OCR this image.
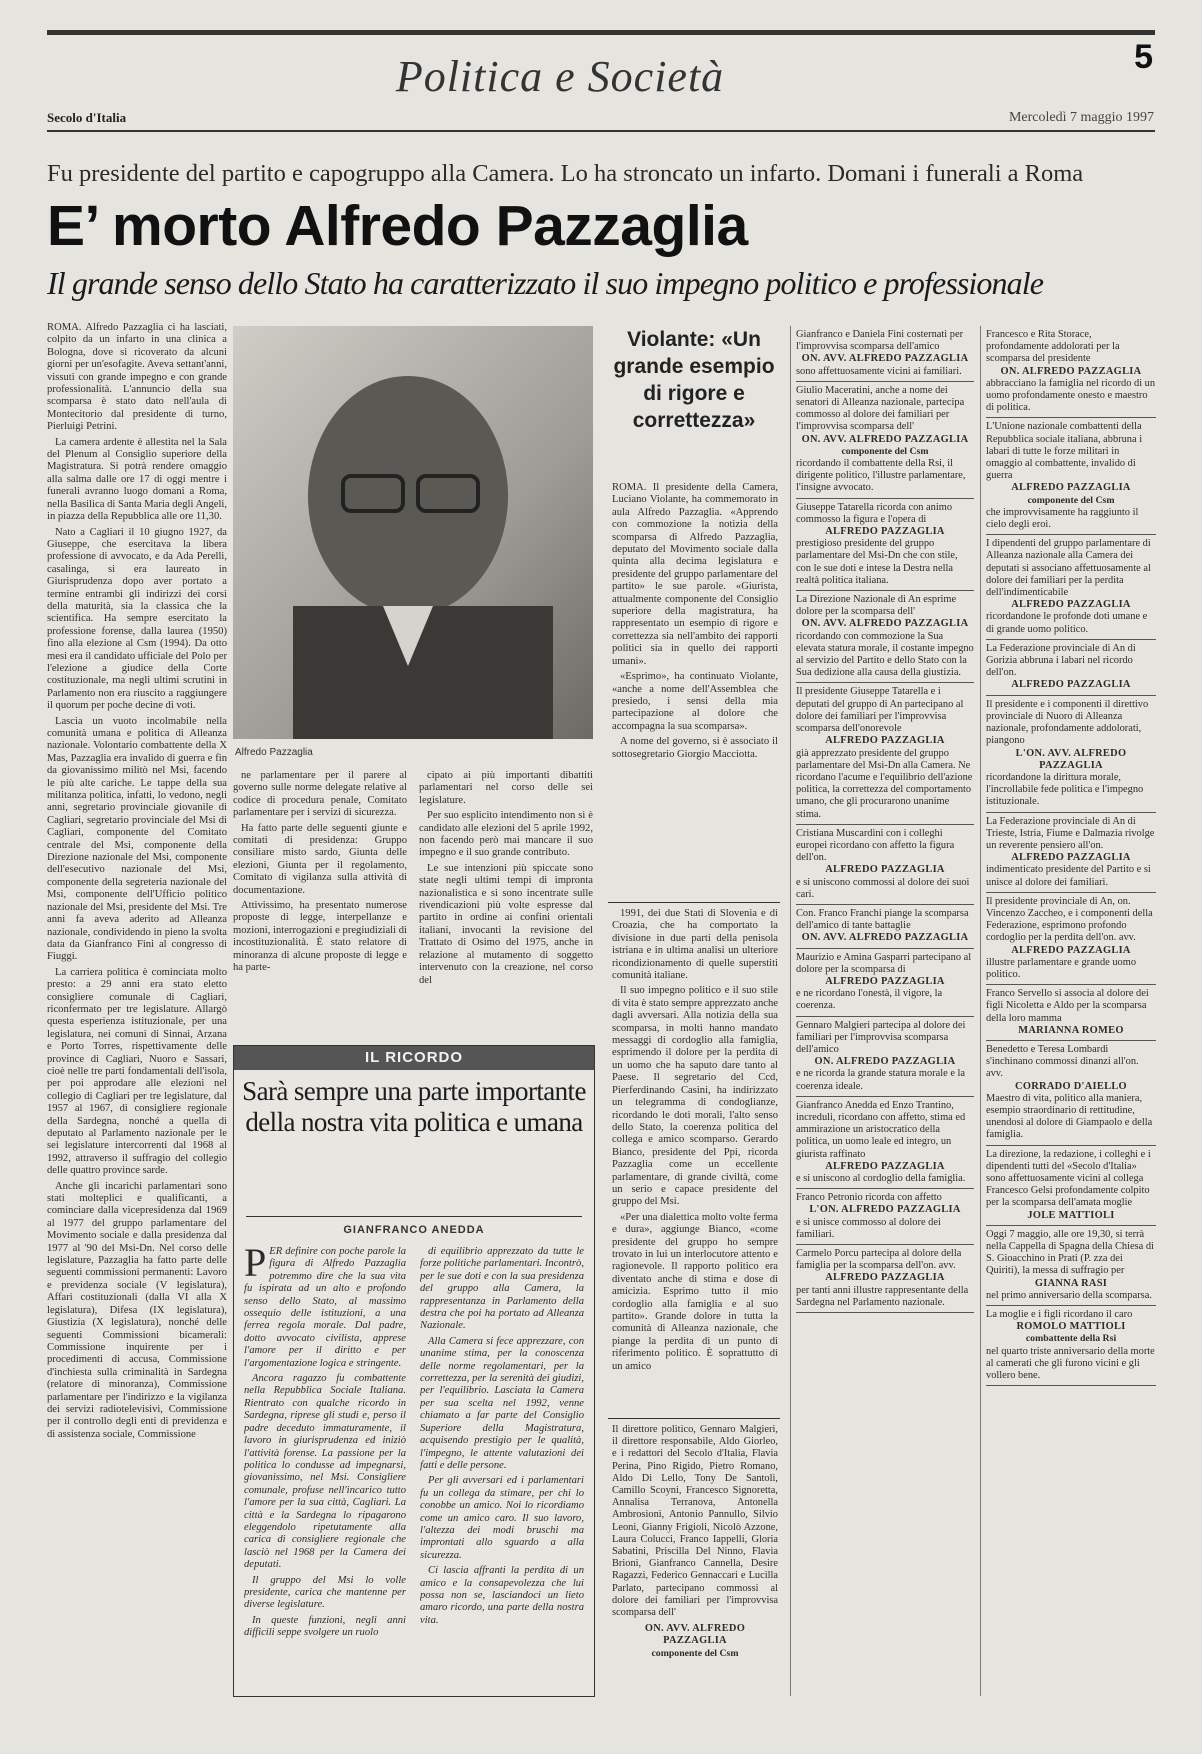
Politica e Società	5
Secolo d'Italia	Mercoledì 7 maggio 1997
Fu presidente del partito e capogruppo alla Camera. Lo ha stroncato un infarto. Domani i funerali a Roma
E’ morto Alfredo Pazzaglia
Il grande senso dello Stato ha caratterizzato il suo impegno politico e professionale

ROMA. Alfredo Pazzaglia ci ha lasciati, colpito da un infarto in una clinica a Bologna, dove si ricoverato da alcuni giorni per un'esofagite. Aveva settant'anni, vissuti con grande impegno e con grande professionalità. L'annuncio della sua scomparsa è stato dato nell'aula di Montecitorio dal presidente di turno, Pierluigi Petrini.

La camera ardente è allestita nel la Sala del Plenum al Consiglio superiore della Magistratura. Si potrà rendere omaggio alla salma dalle ore 17 di oggi mentre i funerali avranno luogo domani a Roma, nella Basilica di Santa Maria degli Angeli, in piazza della Repubblica alle ore 11,30.

Nato a Cagliari il 10 giugno 1927, da Giuseppe, che esercitava la libera professione di avvocato, e da Ada Perelli, casalinga, si era laureato in Giurisprudenza dopo aver portato a termine entrambi gli indirizzi dei corsi della maturità, sia la classica che la scientifica. Ha sempre esercitato la professione forense, dalla laurea (1950) fino alla elezione al Csm (1994). Da otto mesi era il candidato ufficiale del Polo per l'elezione a giudice della Corte costituzionale, ma negli ultimi scrutini in Parlamento non era riuscito a raggiungere il quorum per poche decine di voti.

Lascia un vuoto incolmabile nella comunità umana e politica di Alleanza nazionale. Volontario combattente della X Mas, Pazzaglia era invalido di guerra e fin da giovanissimo militò nel Msi, facendo le più alte cariche. Le tappe della sua militanza politica, infatti, lo vedono, negli anni, segretario provinciale giovanile di Cagliari, segretario provinciale del Msi di Cagliari, componente del Comitato centrale del Msi, componente della Direzione nazionale del Msi, componente dell'esecutivo nazionale del Msi, componente della segreteria nazionale del Msi, componente dell'Ufficio politico nazionale del Msi, presidente del Msi. Tre anni fa aveva aderito ad Alleanza nazionale, condividendo in pieno la svolta data da Gianfranco Fini al congresso di Fiuggi.

La carriera politica è cominciata molto presto: a 29 anni era stato eletto consigliere comunale di Cagliari, riconfermato per tre legislature. Allargò questa esperienza istituzionale, per una legislatura, nei comuni di Sinnai, Arzana e Porto Torres, rispettivamente delle province di Cagliari, Nuoro e Sassari, cioè nelle tre parti fondamentali dell'isola, per poi approdare alle elezioni nel collegio di Cagliari per tre legislature, dal 1957 al 1967, di consigliere regionale della Sardegna, nonché a quella di deputato al Parlamento nazionale per le sei legislature intercorrenti dal 1968 al 1992, attraverso il suffragio del collegio delle quattro province sarde.

Anche gli incarichi parlamentari sono stati molteplici e qualificanti, a cominciare dalla vicepresidenza dal 1969 al 1977 del gruppo parlamentare del Movimento sociale e dalla presidenza dal 1977 al '90 del Msi-Dn. Nel corso delle legislature, Pazzaglia ha fatto parte delle seguenti commissioni permanenti: Lavoro e previdenza sociale (V legislatura), Affari costituzionali (dalla VI alla X legislatura), Difesa (IX legislatura), Giustizia (X legislatura), nonché delle seguenti Commissioni bicamerali: Commissione inquirente per i procedimenti di accusa, Commissione d'inchiesta sulla criminalità in Sardegna (relatore di minoranza), Commissione parlamentare per l'indirizzo e la vigilanza dei servizi radiotelevisivi, Commissione per il controllo degli enti di previdenza e di assistenza sociale, Commissione

Alfredo Pazzaglia

ne parlamentare per il parere al governo sulle norme delegate relative al codice di procedura penale, Comitato parlamentare per i servizi di sicurezza.

Ha fatto parte delle seguenti giunte e comitati di presidenza: Gruppo consiliare misto sardo, Giunta delle elezioni, Giunta per il regolamento, Comitato di vigilanza sulla attività di documentazione.

Attivissimo, ha presentato numerose proposte di legge, interpellanze e mozioni, interrogazioni e pregiudiziali di incostituzionalità. È stato relatore di minoranza di alcune proposte di legge e ha parte-

cipato ai più importanti dibattiti parlamentari nel corso delle sei legislature.

Per suo esplicito intendimento non si è candidato alle elezioni del 5 aprile 1992, non facendo però mai mancare il suo impegno e il suo grande contributo.

Le sue intenzioni più spiccate sono state negli ultimi tempi di impronta nazionalistica e si sono incentrate sulle rivendicazioni più volte espresse dal partito in ordine ai confini orientali italiani, invocanti la revisione del Trattato di Osimo del 1975, anche in relazione al mutamento di soggetto intervenuto con la creazione, nel corso del

IL RICORDO
Sarà sempre una parte importante della nostra vita politica e umana
GIANFRANCO ANEDDA

PER definire con poche parole la figura di Alfredo Pazzaglia potremmo dire che la sua vita fu ispirata ad un alto e profondo senso dello Stato, al massimo ossequio delle istituzioni, a una ferrea regola morale. Dal padre, dotto avvocato civilista, apprese l'amore per il diritto e per l'argomentazione logica e stringente.

Ancora ragazzo fu combattente nella Repubblica Sociale Italiana. Rientrato con qualche ricordo in Sardegna, riprese gli studi e, perso il padre deceduto immaturamente, il lavoro in giurisprudenza ed iniziò l'attività forense. La passione per la politica lo condusse ad impegnarsi, giovanissimo, nel Msi. Consigliere comunale, profuse nell'incarico tutto l'amore per la sua città, Cagliari. La città e la Sardegna lo ripagarono eleggendolo ripetutamente alla carica di consigliere regionale che lasciò nel 1968 per la Camera dei deputati.

Il gruppo del Msi lo volle presidente, carica che mantenne per diverse legislature.

In queste funzioni, negli anni difficili seppe svolgere un ruolo

di equilibrio apprezzato da tutte le forze politiche parlamentari. Incontrò, per le sue doti e con la sua presidenza del gruppo alla Camera, la rappresentanza in Parlamento della destra che poi ha portato ad Alleanza Nazionale.

Alla Camera si fece apprezzare, con unanime stima, per la conoscenza delle norme regolamentari, per la correttezza, per la serenità dei giudizi, per l'equilibrio. Lasciata la Camera per sua scelta nel 1992, venne chiamato a far parte del Consiglio Superiore della Magistratura, acquisendo prestigio per le qualità, l'impegno, le attente valutazioni dei fatti e delle persone.

Per gli avversari ed i parlamentari fu un collega da stimare, per chi lo conobbe un amico. Noi lo ricordiamo come un amico caro. Il suo lavoro, l'altezza dei modi bruschi ma improntati allo sguardo a alla sicurezza.

Ci lascia affranti la perdita di un amico e la consapevolezza che lui possa non se, lasciandoci un lieto amaro ricordo, una parte della nostra vita.

Violante: «Un grande esempio di rigore e correttezza»

ROMA. Il presidente della Camera, Luciano Violante, ha commemorato in aula Alfredo Pazzaglia. «Apprendo con commozione la notizia della scomparsa di Alfredo Pazzaglia, deputato del Movimento sociale dalla quinta alla decima legislatura e presidente del gruppo parlamentare del partito» le sue parole. «Giurista, attualmente componente del Consiglio superiore della magistratura, ha rappresentato un esempio di rigore e correttezza sia nell'ambito dei rapporti politici sia in quello dei rapporti umani».

«Esprimo», ha continuato Violante, «anche a nome dell'Assemblea che presiedo, i sensi della mia partecipazione al dolore che accompagna la sua scomparsa».

A nome del governo, si è associato il sottosegretario Giorgio Macciotta.

1991, dei due Stati di Slovenia e di Croazia, che ha comportato la divisione in due parti della penisola istriana e in ultima analisi un ulteriore ricondizionamento di quelle superstiti comunità italiane.

Il suo impegno politico e il suo stile di vita è stato sempre apprezzato anche dagli avversari. Alla notizia della sua scomparsa, in molti hanno mandato messaggi di cordoglio alla famiglia, esprimendo il dolore per la perdita di un uomo che ha saputo dare tanto al Paese. Il segretario del Ccd, Pierferdinando Casini, ha indirizzato un telegramma di condoglianze, ricordando le doti morali, l'alto senso dello Stato, la coerenza politica del collega e amico scomparso. Gerardo Bianco, presidente del Ppi, ricorda Pazzaglia come un eccellente parlamentare, di grande civiltà, come un serio e capace presidente del gruppo del Msi.

«Per una dialettica molto volte ferma e dura», aggiunge Bianco, «come presidente del gruppo ho sempre trovato in lui un interlocutore attento e ragionevole. Il rapporto politico era diventato anche di stima e dose di amicizia. Esprimo tutto il mio cordoglio alla famiglia e al suo partito». Grande dolore in tutta la comunità di Alleanza nazionale, che piange la perdita di un punto di riferimento politico. È soprattutto di un amico

Il direttore politico, Gennaro Malgieri, il direttore responsabile, Aldo Giorleo, e i redattori del Secolo d'Italia, Flavia Perina, Pino Rigido, Pietro Romano, Aldo Di Lello, Tony De Santoli, Camillo Scoyni, Francesco Signoretta, Annalisa Terranova, Antonella Ambrosioni, Antonio Pannullo, Silvio Leoni, Gianny Frigioli, Nicolò Azzone, Laura Colucci, Franco Iappelli, Gloria Sabatini, Priscilla Del Ninno, Flavia Brioni, Gianfranco Cannella, Desire Ragazzi, Federico Gennaccari e Lucilla Parlato, partecipano commossi al dolore dei familiari per l'improvvisa scomparsa dell'
ON. AVV. ALFREDO PAZZAGLIA
componente del Csm
Gianfranco e Daniela Fini costernati per l'improvvisa scomparsa dell'amico
ON. AVV. ALFREDO PAZZAGLIA
sono affettuosamente vicini ai familiari.
Giulio Maceratini, anche a nome dei senatori di Alleanza nazionale, partecipa commosso al dolore dei familiari per l'improvvisa scomparsa dell'
ON. AVV. ALFREDO PAZZAGLIA
componente del Csm
ricordando il combattente della Rsi, il dirigente politico, l'illustre parlamentare, l'insigne avvocato.
Giuseppe Tatarella ricorda con animo commosso la figura e l'opera di
ALFREDO PAZZAGLIA
prestigioso presidente del gruppo parlamentare del Msi-Dn che con stile, con le sue doti e intese la Destra nella realtà politica italiana.
La Direzione Nazionale di An esprime dolore per la scomparsa dell'
ON. AVV. ALFREDO PAZZAGLIA
ricordando con commozione la Sua elevata statura morale, il costante impegno al servizio del Partito e dello Stato con la Sua dedizione alla causa della giustizia.
Il presidente Giuseppe Tatarella e i deputati del gruppo di An partecipano al dolore dei familiari per l'improvvisa scomparsa dell'onorevole
ALFREDO PAZZAGLIA
già apprezzato presidente del gruppo parlamentare del Msi-Dn alla Camera. Ne ricordano l'acume e l'equilibrio dell'azione politica, la correttezza del comportamento umano, che gli procurarono unanime stima.
Cristiana Muscardini con i colleghi europei ricordano con affetto la figura dell'on.
ALFREDO PAZZAGLIA
e si uniscono commossi al dolore dei suoi cari.
Con. Franco Franchi piange la scomparsa dell'amico di tante battaglie
ON. AVV. ALFREDO PAZZAGLIA
Maurizio e Amina Gasparri partecipano al dolore per la scomparsa di
ALFREDO PAZZAGLIA
e ne ricordano l'onestà, il vigore, la coerenza.
Gennaro Malgieri partecipa al dolore dei familiari per l'improvvisa scomparsa dell'amico
ON. ALFREDO PAZZAGLIA
e ne ricorda la grande statura morale e la coerenza ideale.
Gianfranco Anedda ed Enzo Trantino, increduli, ricordano con affetto, stima ed ammirazione un aristocratico della politica, un uomo leale ed integro, un giurista raffinato
ALFREDO PAZZAGLIA
e si uniscono al cordoglio della famiglia.
Franco Petronio ricorda con affetto
L'ON. ALFREDO PAZZAGLIA
e si unisce commosso al dolore dei familiari.
Carmelo Porcu partecipa al dolore della famiglia per la scomparsa dell'on. avv.
ALFREDO PAZZAGLIA
per tanti anni illustre rappresentante della Sardegna nel Parlamento nazionale.
Francesco e Rita Storace, profondamente addolorati per la scomparsa del presidente
ON. ALFREDO PAZZAGLIA
abbracciano la famiglia nel ricordo di un uomo profondamente onesto e maestro di politica.
L'Unione nazionale combattenti della Repubblica sociale italiana, abbruna i labari di tutte le forze militari in omaggio al combattente, invalido di guerra
ALFREDO PAZZAGLIA
componente del Csm
che improvvisamente ha raggiunto il cielo degli eroi.
I dipendenti del gruppo parlamentare di Alleanza nazionale alla Camera dei deputati si associano affettuosamente al dolore dei familiari per la perdita dell'indimenticabile
ALFREDO PAZZAGLIA
ricordandone le profonde doti umane e di grande uomo politico.
La Federazione provinciale di An di Gorizia abbruna i labari nel ricordo dell'on.
ALFREDO PAZZAGLIA
Il presidente e i componenti il direttivo provinciale di Nuoro di Alleanza nazionale, profondamente addolorati, piangono
L'ON. AVV. ALFREDO PAZZAGLIA
ricordandone la dirittura morale, l'incrollabile fede politica e l'impegno istituzionale.
La Federazione provinciale di An di Trieste, Istria, Fiume e Dalmazia rivolge un reverente pensiero all'on.
ALFREDO PAZZAGLIA
indimenticato presidente del Partito e si unisce al dolore dei familiari.
Il presidente provinciale di An, on. Vincenzo Zaccheo, e i componenti della Federazione, esprimono profondo cordoglio per la perdita dell'on. avv.
ALFREDO PAZZAGLIA
illustre parlamentare e grande uomo politico.
Franco Servello si associa al dolore dei figli Nicoletta e Aldo per la scomparsa della loro mamma
MARIANNA ROMEO
Benedetto e Teresa Lombardi s'inchinano commossi dinanzi all'on. avv.
CORRADO D'AIELLO
Maestro di vita, politico alla maniera, esempio straordinario di rettitudine, unendosi al dolore di Giampaolo e della famiglia.
La direzione, la redazione, i colleghi e i dipendenti tutti del «Secolo d'Italia» sono affettuosamente vicini al collega Francesco Gelsi profondamente colpito per la scomparsa dell'amata moglie
JOLE MATTIOLI
Oggi 7 maggio, alle ore 19,30, si terrà nella Cappella di Spagna della Chiesa di S. Gioacchino in Prati (P. zza dei Quiriti), la messa di suffragio per
GIANNA RASI
nel primo anniversario della scomparsa.
La moglie e i figli ricordano il caro
ROMOLO MATTIOLI
combattente della Rsi
nel quarto triste anniversario della morte al camerati che gli furono vicini e gli vollero bene.
